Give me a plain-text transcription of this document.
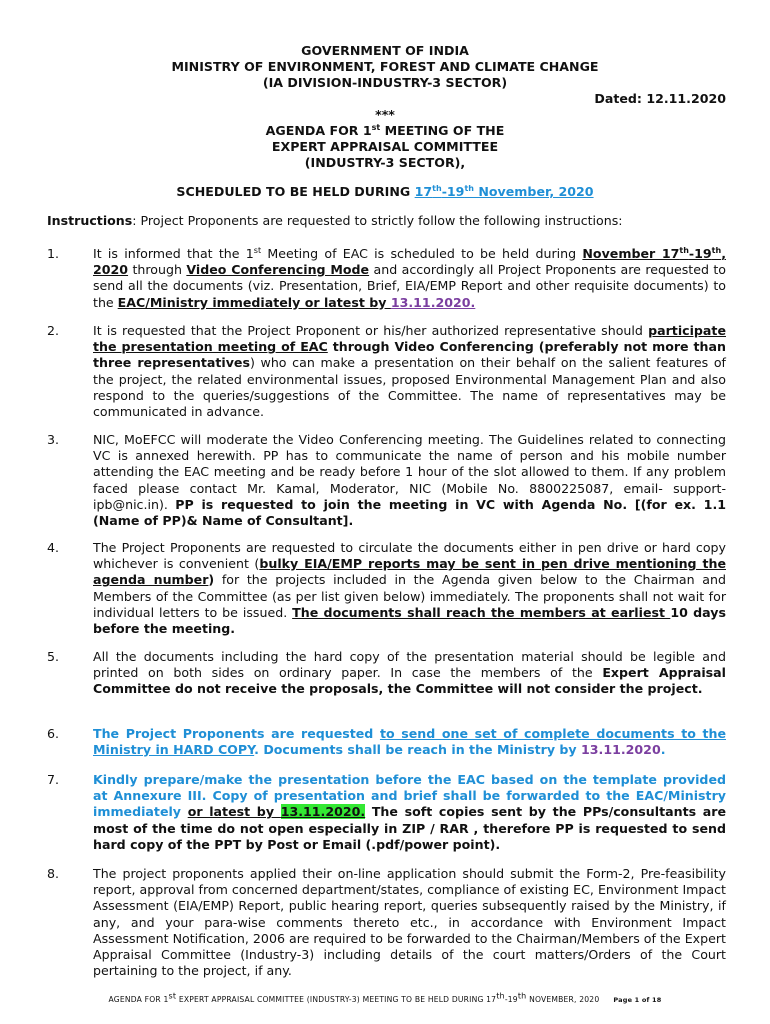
GOVERNMENT OF INDIA
MINISTRY OF ENVIRONMENT, FOREST AND CLIMATE CHANGE
(IA DIVISION-INDUSTRY-3 SECTOR)
Dated: 12.11.2020
***
AGENDA FOR 1st MEETING OF THE
EXPERT APPRAISAL COMMITTEE
(INDUSTRY-3 SECTOR),
SCHEDULED TO BE HELD DURING 17th-19th November, 2020
Instructions: Project Proponents are requested to strictly follow the following instructions:
1.	It is informed that the 1st Meeting of EAC is scheduled to be held during November 17th-19th, 2020 through Video Conferencing Mode and accordingly all Project Proponents are requested to send all the documents (viz. Presentation, Brief, EIA/EMP Report and other requisite documents) to the EAC/Ministry immediately or latest by 13.11.2020.
2.	It is requested that the Project Proponent or his/her authorized representative should participate the presentation meeting of EAC through Video Conferencing (preferably not more than three representatives) who can make a presentation on their behalf on the salient features of the project, the related environmental issues, proposed Environmental Management Plan and also respond to the queries/suggestions of the Committee. The name of representatives may be communicated in advance.
3.	NIC, MoEFCC will moderate the Video Conferencing meeting. The Guidelines related to connecting VC is annexed herewith. PP has to communicate the name of person and his mobile number attending the EAC meeting and be ready before 1 hour of the slot allowed to them. If any problem faced please contact Mr. Kamal, Moderator, NIC (Mobile No. 8800225087, email- support-ipb@nic.in). PP is requested to join the meeting in VC with Agenda No. [(for ex. 1.1 (Name of PP)& Name of Consultant].
4.	The Project Proponents are requested to circulate the documents either in pen drive or hard copy whichever is convenient (bulky EIA/EMP reports may be sent in pen drive mentioning the agenda number) for the projects included in the Agenda given below to the Chairman and Members of the Committee (as per list given below) immediately. The proponents shall not wait for individual letters to be issued. The documents shall reach the members at earliest 10 days before the meeting.
5.	All the documents including the hard copy of the presentation material should be legible and printed on both sides on ordinary paper. In case the members of the Expert Appraisal Committee do not receive the proposals, the Committee will not consider the project.
6.	The Project Proponents are requested to send one set of complete documents to the Ministry in HARD COPY. Documents shall be reach in the Ministry by 13.11.2020.
7.	Kindly prepare/make the presentation before the EAC based on the template provided at Annexure III. Copy of presentation and brief shall be forwarded to the EAC/Ministry immediately or latest by 13.11.2020. The soft copies sent by the PPs/consultants are most of the time do not open especially in ZIP / RAR , therefore PP is requested to send hard copy of the PPT by Post or Email (.pdf/power point).
8.	The project proponents applied their on-line application should submit the Form-2, Pre-feasibility report, approval from concerned department/states, compliance of existing EC, Environment Impact Assessment (EIA/EMP) Report, public hearing report, queries subsequently raised by the Ministry, if any, and your para-wise comments thereto etc., in accordance with Environment Impact Assessment Notification, 2006 are required to be forwarded to the Chairman/Members of the Expert Appraisal Committee (Industry-3) including details of the court matters/Orders of the Court pertaining to the project, if any.
AGENDA FOR 1st EXPERT APPRAISAL COMMITTEE (INDUSTRY-3) MEETING TO BE HELD DURING 17th-19th NOVEMBER, 2020 Page 1 of 18
